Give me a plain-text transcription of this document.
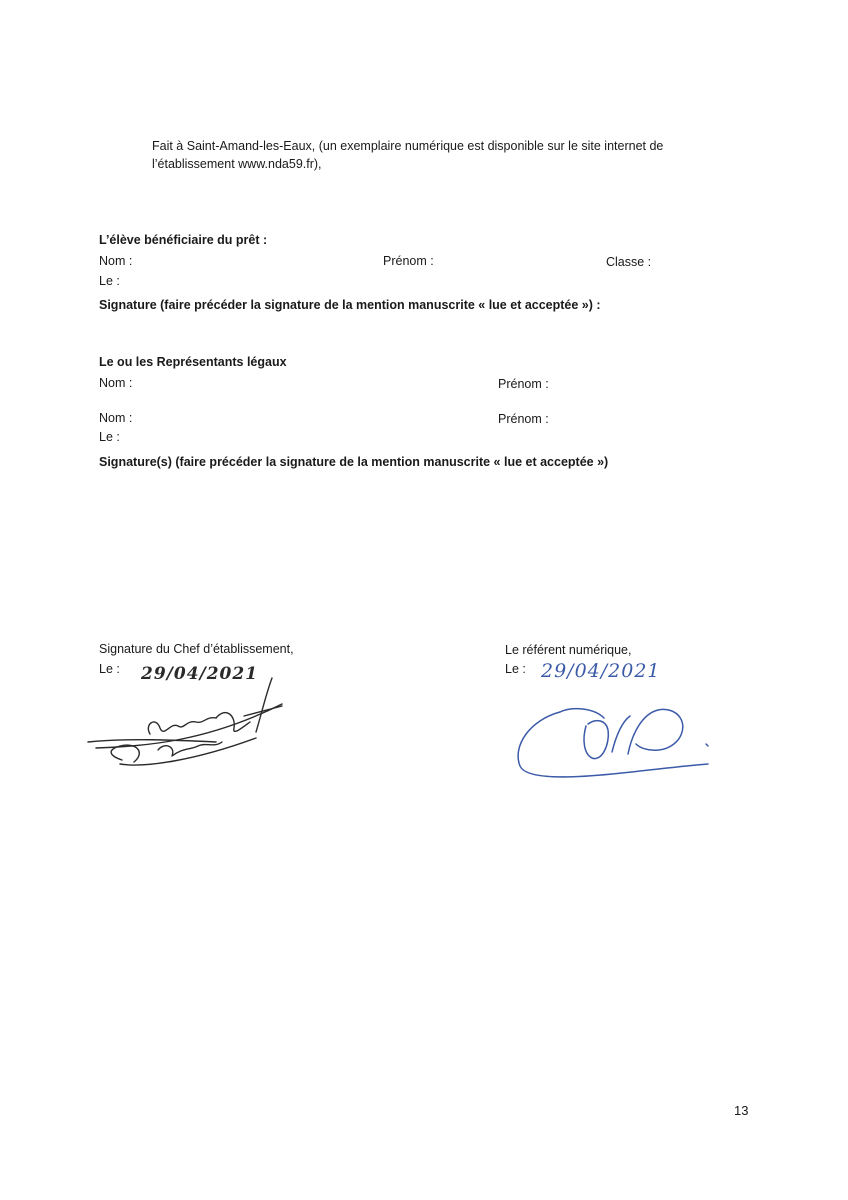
Fait à Saint-Amand-les-Eaux, (un exemplaire numérique est disponible sur le site internet de
l’établissement www.nda59.fr),
L’élève bénéficiaire du prêt :
Nom :	Prénom :	Classe :
Le :
Signature (faire précéder la signature de la mention manuscrite « lue et acceptée ») :
Le ou les Représentants légaux
Nom :	Prénom :
Nom :	Prénom :
Le :
Signature(s) (faire précéder la signature de la mention manuscrite « lue et acceptée »)
Signature du Chef d’établissement,
Le : 29/04/2021
Le référent numérique,
Le : 29/04/2021
13
